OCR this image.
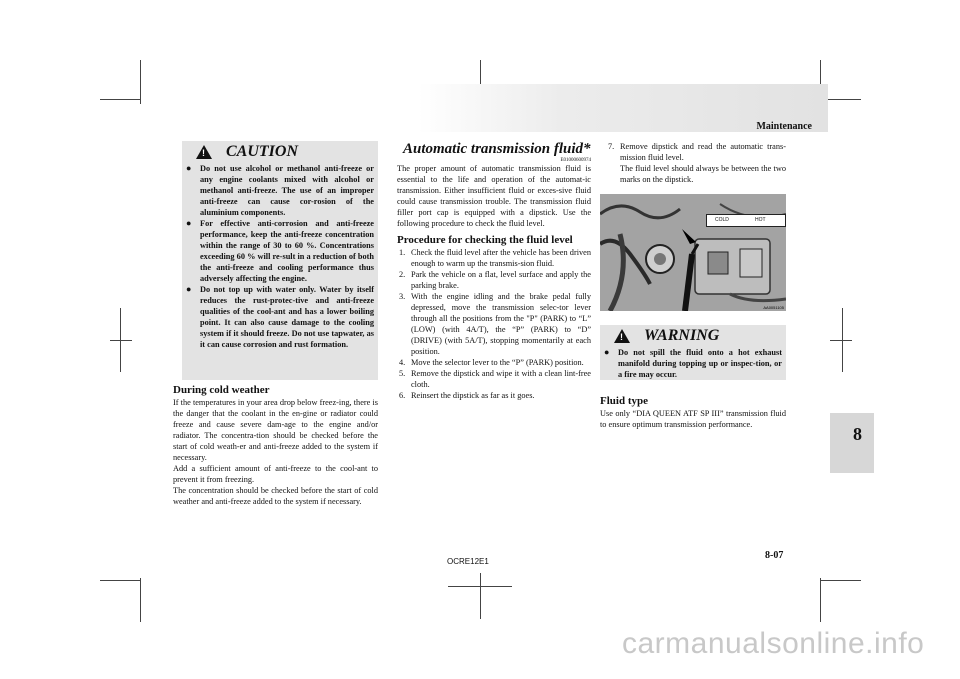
Maintenance
8
! CAUTION
● Do not use alcohol or methanol anti-freeze or any engine coolants mixed with alcohol or methanol anti-freeze. The use of an improper anti-freeze can cause cor-rosion of the aluminium components.
● For effective anti-corrosion and anti-freeze performance, keep the anti-freeze concentration within the range of 30 to 60 %. Concentrations exceeding 60 % will re-sult in a reduction of both the anti-freeze and cooling performance thus adversely affecting the engine.
● Do not top up with water only. Water by itself reduces the rust-protec-tive and anti-freeze qualities of the cool-ant and has a lower boiling point. It can also cause damage to the cooling system if it should freeze. Do not use tapwater, as it can cause corrosion and rust formation.
During cold weather
If the temperatures in your area drop below freez-ing, there is the danger that the coolant in the en-gine or radiator could freeze and cause severe dam-age to the engine and/or radiator. The concentra-tion should be checked before the start of cold weath-er and anti-freeze added to the system if necessary.
Add a sufficient amount of anti-freeze to the cool-ant to prevent it from freezing.
The concentration should be checked before the start of cold weather and anti-freeze added to the system if necessary.
Automatic transmission fluid*
E01000600974
The proper amount of automatic transmission fluid is essential to the life and operation of the automat-ic transmission. Either insufficient fluid or exces-sive fluid could cause transmission trouble. The transmission fluid filler port cap is equipped with a dipstick. Use the following procedure to check the fluid level.
Procedure for checking the fluid level
1. Check the fluid level after the vehicle has been driven enough to warm up the transmis-sion fluid.
2. Park the vehicle on a flat, level surface and apply the parking brake.
3. With the engine idling and the brake pedal fully depressed, move the transmission selec-tor lever through all the positions from the "P" (PARK) to “L” (LOW) (with 4A/T), the “P” (PARK) to “D” (DRIVE) (with 5A/T), stopping momentarily at each position.
4. Move the selector lever to the “P” (PARK) position.
5. Remove the dipstick and wipe it with a clean lint-free cloth.
6. Reinsert the dipstick as far as it goes.
7. Remove dipstick and read the automatic trans-mission fluid level.
The fluid level should always be between the two marks on the dipstick.
COLD	HOT
AA0051105
! WARNING
● Do not spill the fluid onto a hot exhaust manifold during topping up or inspec-tion, or a fire may occur.
Fluid type
Use only “DIA QUEEN ATF SP III” transmission fluid to ensure optimum transmission performance.
OCRE12E1
8-07
carmanualsonline.info
